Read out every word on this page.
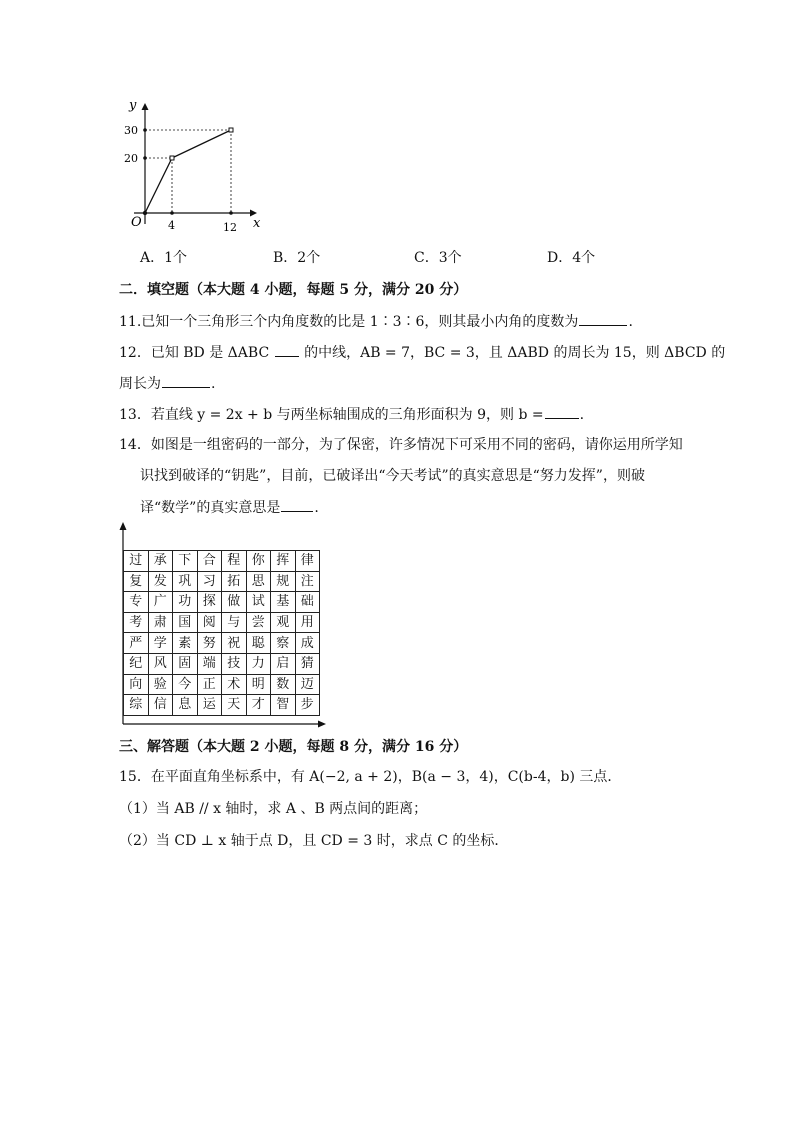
y
x
O
30
20
4	12
A．1个	B．2个	C．3个	D．4个
二．填空题（本大题 4 小题，每题 5 分，满分 20 分）
11.已知一个三角形三个内角度数的比是 1∶3∶6，则其最小内角的度数为	.
12．已知 BD 是 ΔABC 的中线，AB = 7，BC = 3，且 ΔABD 的周长为 15，则 ΔBCD 的
周长为	.
13．若直线 y = 2x + b 与两坐标轴围成的三角形面积为 9，则 b =	.
14．如图是一组密码的一部分，为了保密，许多情况下可采用不同的密码，请你运用所学知
识找到破译的“钥匙”，目前，已破译出“今天考试”的真实意思是“努力发挥”，则破
译“数学”的真实意思是 .
过	承	下	合	程	你	挥	律
复	发	巩	习	拓	思	规	注
专	广	功	探	做	试	基	础
考	肃	国	阅	与	尝	观	用
严	学	素	努	祝	聪	察	成
纪	风	固	端	技	力	启	猜
向	验	今	正	术	明	数	迈
综	信	息	运	天	才	智	步
三、解答题（本大题 2 小题，每题 8 分，满分 16 分）
15．在平面直角坐标系中，有 A(−2, a + 2)，B(a − 3，4)，C(b-4，b) 三点．
（1）当 AB // x 轴时，求 A 、B 两点间的距离；
（2）当 CD ⊥ x 轴于点 D，且 CD = 3 时，求点 C 的坐标．
